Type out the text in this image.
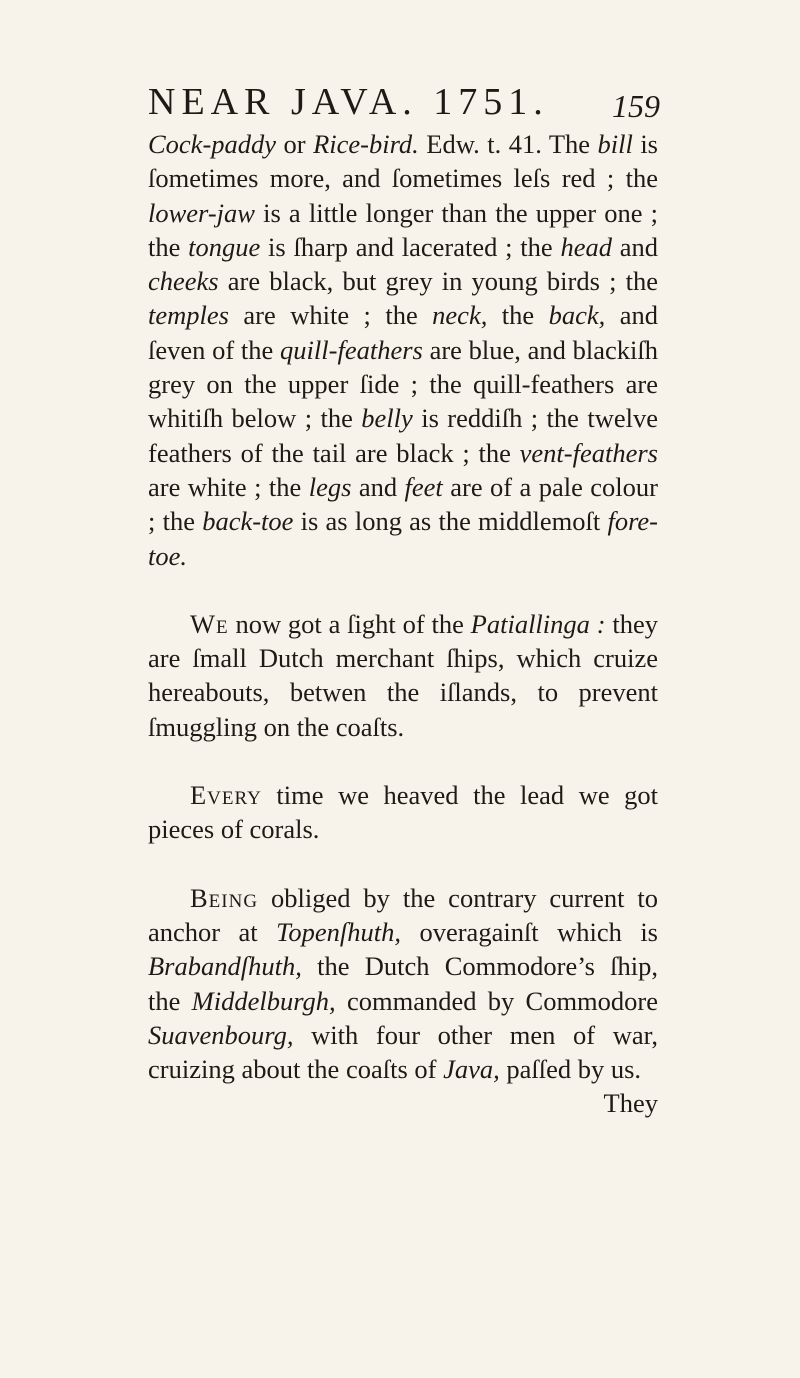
NEAR JAVA. 1751. 159

Cock-paddy or Rice-bird. Edw. t. 41. The bill is ſometimes more, and ſometimes leſs red ; the lower-jaw is a little longer than the upper one ; the tongue is ſharp and lacerated ; the head and cheeks are black, but grey in young birds ; the temples are white ; the neck, the back, and ſeven of the quill-feathers are blue, and blackiſh grey on the upper ſide ; the quill-feathers are whitiſh below ; the belly is reddiſh ; the twelve feathers of the tail are black ; the vent-feathers are white ; the legs and feet are of a pale colour ; the back-toe is as long as the middlemoſt fore-toe.

We now got a ſight of the Patiallinga : they are ſmall Dutch merchant ſhips, which cruize hereabouts, betwen the iſlands, to prevent ſmuggling on the coaſts.

Every time we heaved the lead we got pieces of corals.

Being obliged by the contrary current to anchor at Topenſhuth, overagainſt which is Brabandſhuth, the Dutch Commodore’s ſhip, the Middelburgh, commanded by Commodore Suavenbourg, with four other men of war, cruizing about the coaſts of Java, paſſed by us.

They
